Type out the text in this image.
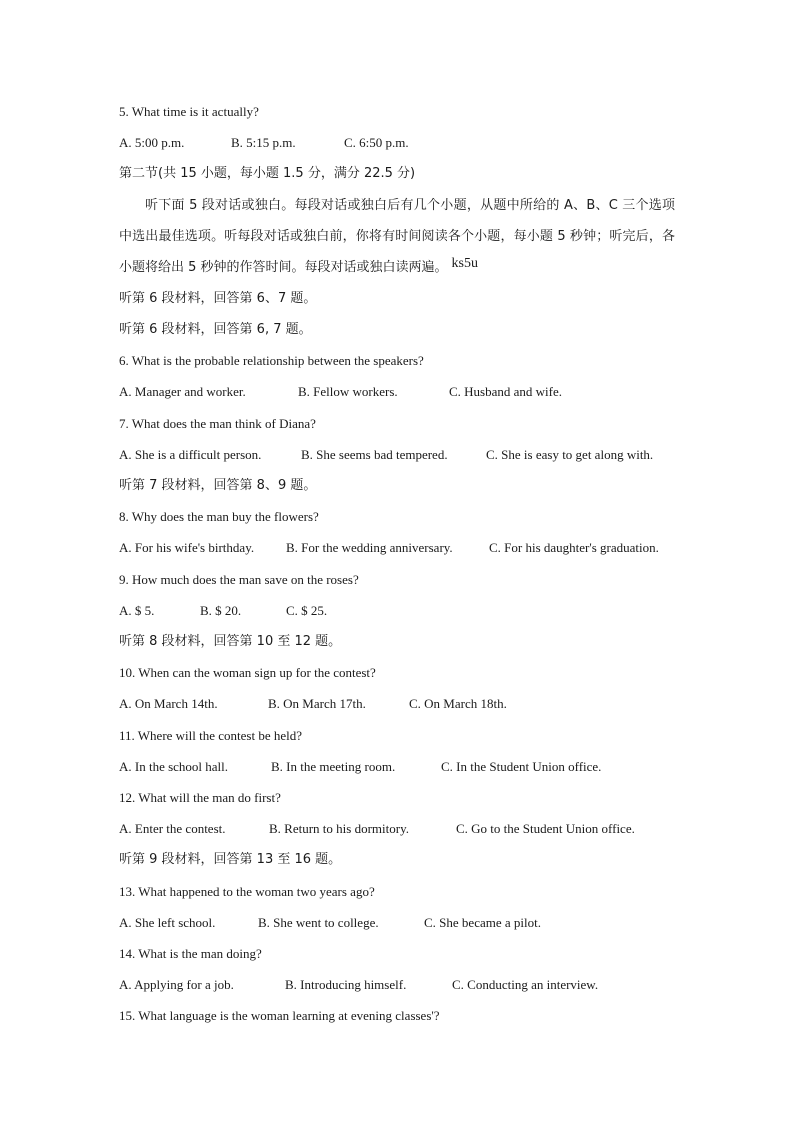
5. What time is it actually?
A. 5:00 p.m.	B. 5:15 p.m.	C. 6:50 p.m.
第二节(共 15 小题，每小题 1.5 分，满分 22.5 分)
听下面 5 段对话或独白。每段对话或独白后有几个小题，从题中所给的 A、B、C 三个选项中选出最佳选项。听每段对话或独白前，你将有时间阅读各个小题，每小题 5 秒钟；听完后，各小题将给出 5 秒钟的作答时间。每段对话或独白读两遍。 ks5u
听第 6 段材料，回答第 6、7 题。
听第 6 段材料，回答第 6, 7 题。
6. What is the probable relationship between the speakers?
A. Manager and worker.	B. Fellow workers.	C. Husband and wife.
7. What does the man think of Diana?
A. She is a difficult person.	B. She seems bad tempered.	C. She is easy to get along with.
听第 7 段材料，回答第 8、9 题。
8. Why does the man buy the flowers?
A. For his wife's birthday. B. For the wedding anniversary.	C. For his daughter's graduation.
9. How much does the man save on the roses?
A. $ 5.	B. $ 20.	C. $ 25.
听第 8 段材料，回答第 10 至 12 题。
10. When can the woman sign up for the contest?
A. On March 14th.	B. On March 17th.	C. On March 18th.
11. Where will the contest be held?
A. In the school hall.	B. In the meeting room.	C. In the Student Union office.
12. What will the man do first?
A. Enter the contest.	B. Return to his dormitory.	C. Go to the Student Union office.
听第 9 段材料，回答第 13 至 16 题。
13. What happened to the woman two years ago?
A. She left school.	B. She went to college.	C. She became a pilot.
14. What is the man doing?
A. Applying for a job.	B. Introducing himself.	C. Conducting an interview.
15. What language is the woman learning at evening classes'?
